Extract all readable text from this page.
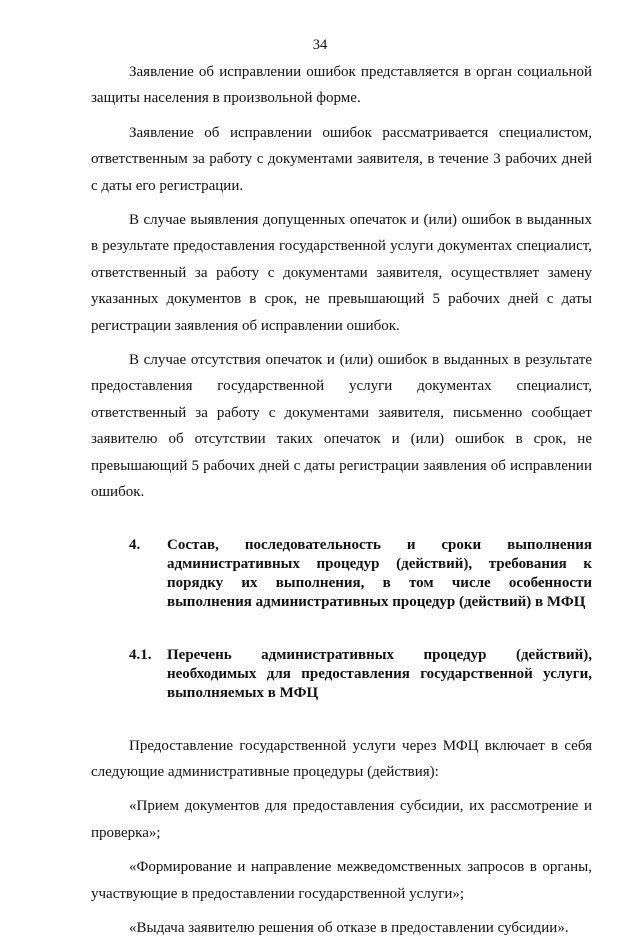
34

Заявление об исправлении ошибок представляется в орган социальной защиты населения в произвольной форме.

Заявление об исправлении ошибок рассматривается специалистом, ответственным за работу с документами заявителя, в течение 3 рабочих дней с даты его регистрации.

В случае выявления допущенных опечаток и (или) ошибок в выданных в результате предоставления государственной услуги документах специалист, ответственный за работу с документами заявителя, осуществляет замену указанных документов в срок, не превышающий 5 рабочих дней с даты регистрации заявления об исправлении ошибок.

В случае отсутствия опечаток и (или) ошибок в выданных в результате предоставления государственной услуги документах специалист, ответственный за работу с документами заявителя, письменно сообщает заявителю об отсутствии таких опечаток и (или) ошибок в срок, не превышающий 5 рабочих дней с даты регистрации заявления об исправлении ошибок.

4.	Состав, последовательность и сроки выполнения административных процедур (действий), требования к порядку их выполнения, в том числе особенности выполнения административных процедур (действий) в МФЦ
4.1.	Перечень административных процедур (действий), необходимых для предоставления государственной услуги, выполняемых в МФЦ

Предоставление государственной услуги через МФЦ включает в себя следующие административные процедуры (действия):

«Прием документов для предоставления субсидии, их рассмотрение и проверка»;

«Формирование и направление межведомственных запросов в органы, участвующие в предоставлении государственной услуги»;

«Выдача заявителю решения об отказе в предоставлении субсидии».
